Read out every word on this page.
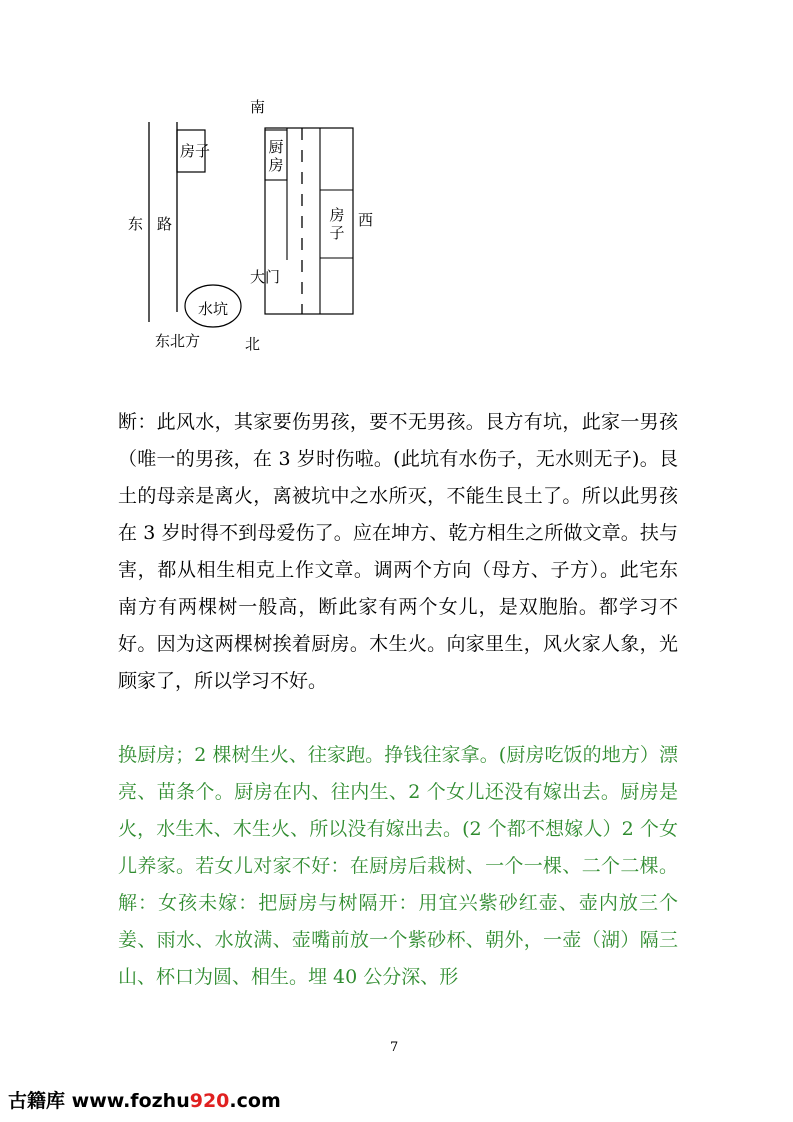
南
东 路	西
北
东北方
房子	厨房
房子
大门
水坑

断：此风水，其家要伤男孩，要不无男孩。艮方有坑，此家一男孩（唯一的男孩，在 3 岁时伤啦。(此坑有水伤子，无水则无子)。艮土的母亲是离火，离被坑中之水所灭，不能生艮土了。所以此男孩在 3 岁时得不到母爱伤了。应在坤方、乾方相生之所做文章。扶与害，都从相生相克上作文章。调两个方向（母方、子方）。此宅东南方有两棵树一般高，断此家有两个女儿，是双胞胎。都学习不好。因为这两棵树挨着厨房。木生火。向家里生，风火家人象，光顾家了，所以学习不好。

换厨房；2 棵树生火、往家跑。挣钱往家拿。(厨房吃饭的地方）漂亮、苗条个。厨房在内、往内生、2 个女儿还没有嫁出去。厨房是火，水生木、木生火、所以没有嫁出去。(2 个都不想嫁人）2 个女儿养家。若女儿对家不好：在厨房后栽树、一个一棵、二个二棵。解：女孩未嫁：把厨房与树隔开：用宜兴紫砂红壶、壶内放三个姜、雨水、水放满、壶嘴前放一个紫砂杯、朝外，一壶（湖）隔三山、杯口为圆、相生。埋 40 公分深、形

7
古籍库 www.fozhu920.com
